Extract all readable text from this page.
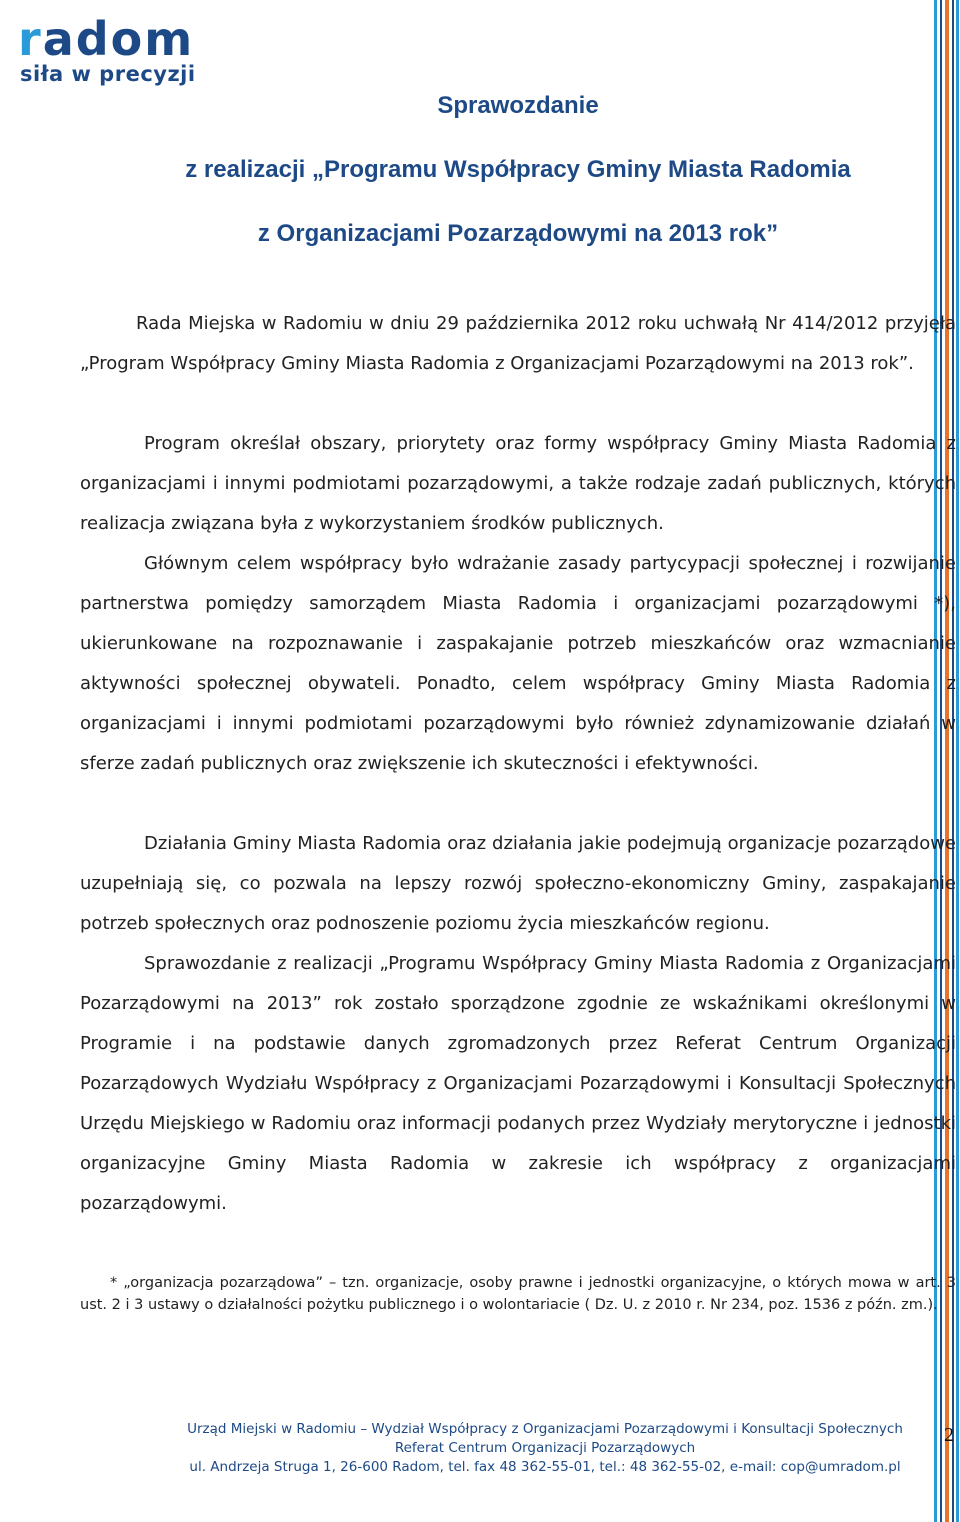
radom
siła w precyzji
Sprawozdanie
z realizacji „Programu Współpracy Gminy Miasta Radomia
z Organizacjami Pozarządowymi na 2013 rok”

Rada Miejska w Radomiu w dniu 29 października 2012 roku uchwałą Nr 414/2012 przyjęła „Program Współpracy Gminy Miasta Radomia z Organizacjami Pozarządowymi na 2013 rok”.

Program określał obszary, priorytety oraz formy współpracy Gminy Miasta Radomia z organizacjami i innymi podmiotami pozarządowymi, a także rodzaje zadań publicznych, których realizacja związana była z wykorzystaniem środków publicznych.

Głównym celem współpracy było wdrażanie zasady partycypacji społecznej i rozwijanie partnerstwa pomiędzy samorządem Miasta Radomia i organizacjami pozarządowymi *), ukierunkowane na rozpoznawanie i zaspakajanie potrzeb mieszkańców oraz wzmacnianie aktywności społecznej obywateli. Ponadto, celem współpracy Gminy Miasta Radomia z organizacjami i innymi podmiotami pozarządowymi było również zdynamizowanie działań w sferze zadań publicznych oraz zwiększenie ich skuteczności i efektywności.

Działania Gminy Miasta Radomia oraz działania jakie podejmują organizacje pozarządowe uzupełniają się, co pozwala na lepszy rozwój społeczno-ekonomiczny Gminy, zaspakajanie potrzeb społecznych oraz podnoszenie poziomu życia mieszkańców regionu.

Sprawozdanie z realizacji „Programu Współpracy Gminy Miasta Radomia z Organizacjami Pozarządowymi na 2013” rok zostało sporządzone zgodnie ze wskaźnikami określonymi w Programie i na podstawie danych zgromadzonych przez Referat Centrum Organizacji Pozarządowych Wydziału Współpracy z Organizacjami Pozarządowymi i Konsultacji Społecznych Urzędu Miejskiego w Radomiu oraz informacji podanych przez Wydziały merytoryczne i jednostki organizacyjne Gminy Miasta Radomia w zakresie ich współpracy z organizacjami pozarządowymi.

* „organizacja pozarządowa” – tzn. organizacje, osoby prawne i jednostki organizacyjne, o których mowa w art. 3 ust. 2 i 3 ustawy o działalności pożytku publicznego i o wolontariacie ( Dz. U. z 2010 r. Nr 234, poz. 1536 z późn. zm.).

Urząd Miejski w Radomiu – Wydział Współpracy z Organizacjami Pozarządowymi i Konsultacji Społecznych
Referat Centrum Organizacji Pozarządowych
ul. Andrzeja Struga 1, 26-600 Radom, tel. fax 48 362-55-01, tel.: 48 362-55-02, e-mail: cop@umradom.pl
2
